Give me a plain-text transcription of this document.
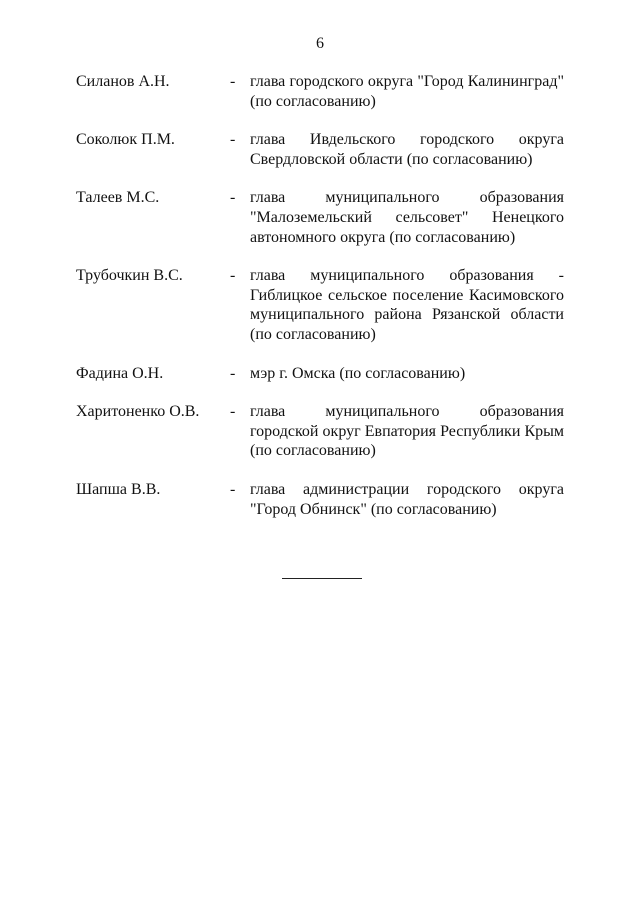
6
Силанов А.Н.	- глава городского округа "Город Калининград" (по согласованию)
Соколюк П.М.	- глава Ивдельского городского округа Свердловской области (по согласованию)
Талеев М.С.	- глава муниципального образования "Малоземельский сельсовет" Ненецкого автономного округа (по согласованию)
Трубочкин В.С.	- глава муниципального образования - Гиблицкое сельское поселение Касимовского муниципального района Рязанской области (по согласованию)
Фадина О.Н.	- мэр г. Омска (по согласованию)
Харитоненко О.В.	- глава муниципального образования городской округ Евпатория Республики Крым (по согласованию)
Шапша В.В.	- глава администрации городского округа "Город Обнинск" (по согласованию)
